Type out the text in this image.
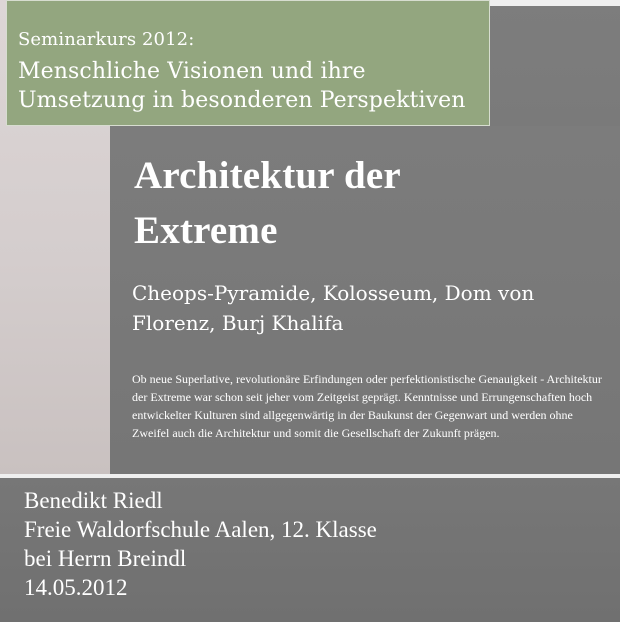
Seminarkurs 2012:
Menschliche Visionen und ihre
Umsetzung in besonderen Perspektiven
Architektur der
Extreme
Cheops-Pyramide, Kolosseum, Dom von
Florenz, Burj Khalifa

Ob neue Superlative, revolutionäre Erfindungen oder perfektionistische Genauigkeit - Architektur der Extreme war schon seit jeher vom Zeitgeist geprägt. Kenntnisse und Errungenschaften hoch entwickelter Kulturen sind allgegenwärtig in der Baukunst der Gegenwart und werden ohne Zweifel auch die Architektur und somit die Gesellschaft der Zukunft prägen.

Benedikt Riedl
Freie Waldorfschule Aalen, 12. Klasse
bei Herrn Breindl
14.05.2012
